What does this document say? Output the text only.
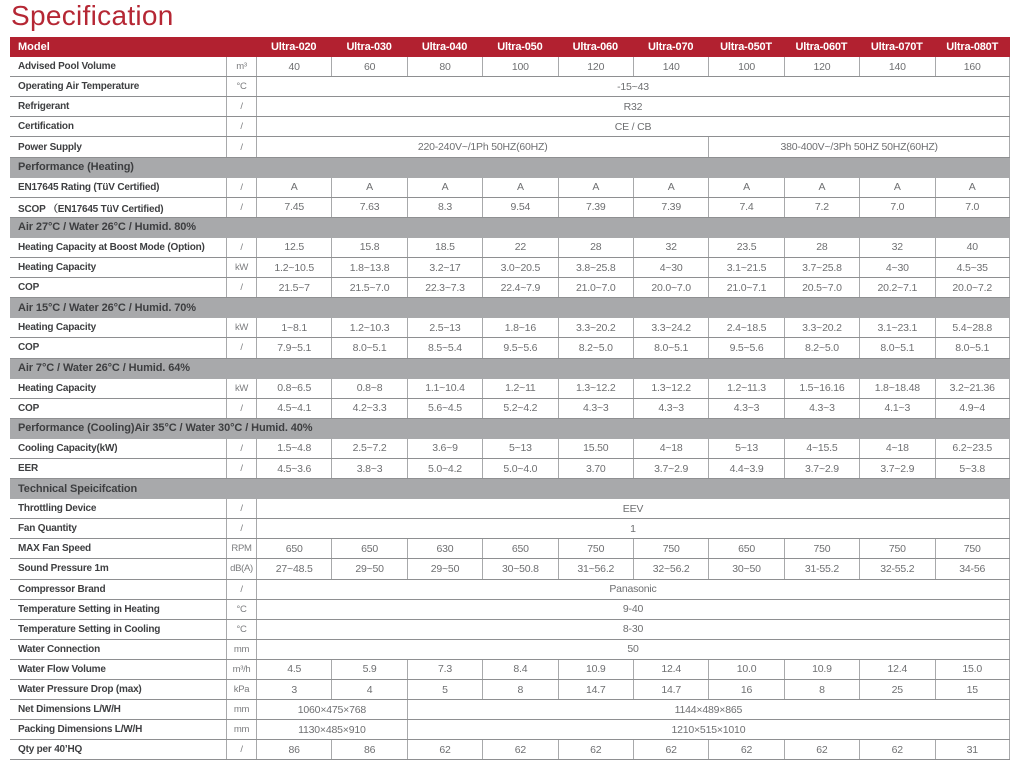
Specification
Model	Ultra-020	Ultra-030	Ultra-040	Ultra-050	Ultra-060	Ultra-070	Ultra-050T	Ultra-060T	Ultra-070T	Ultra-080T
Advised Pool Volume	m³	40	60	80	100	120	140	100	120	140	160
Operating Air Temperature	°C	-15~43
Refrigerant	/	R32
Certification	/	CE / CB
Power Supply	/	220-240V~/1Ph 50HZ(60HZ)	380-400V~/3Ph 50HZ 50HZ(60HZ)
Performance (Heating)
EN17645 Rating (TüV Certified)	/	A	A	A	A	A	A	A	A	A	A
SCOP （EN17645 TüV Certified)	/	7.45	7.63	8.3	9.54	7.39	7.39	7.4	7.2	7.0	7.0
Air 27°C / Water 26°C / Humid. 80%
Heating Capacity at Boost Mode (Option)	/	12.5	15.8	18.5	22	28	32	23.5	28	32	40
Heating Capacity	kW	1.2~10.5	1.8~13.8	3.2~17	3.0~20.5	3.8~25.8	4~30	3.1~21.5	3.7~25.8	4~30	4.5~35
COP	/	21.5~7	21.5~7.0	22.3~7.3	22.4~7.9	21.0~7.0	20.0~7.0	21.0~7.1	20.5~7.0	20.2~7.1	20.0~7.2
Air 15°C / Water 26°C / Humid. 70%
Heating Capacity	kW	1~8.1	1.2~10.3	2.5~13	1.8~16	3.3~20.2	3.3~24.2	2.4~18.5	3.3~20.2	3.1~23.1	5.4~28.8
COP	/	7.9~5.1	8.0~5.1	8.5~5.4	9.5~5.6	8.2~5.0	8.0~5.1	9.5~5.6	8.2~5.0	8.0~5.1	8.0~5.1
Air 7°C / Water 26°C / Humid. 64%
Heating Capacity	kW	0.8~6.5	0.8~8	1.1~10.4	1.2~11	1.3~12.2	1.3~12.2	1.2~11.3	1.5~16.16	1.8~18.48	3.2~21.36
COP	/	4.5~4.1	4.2~3.3	5.6~4.5	5.2~4.2	4.3~3	4.3~3	4.3~3	4.3~3	4.1~3	4.9~4
Performance (Cooling)Air 35°C / Water 30°C / Humid. 40%
Cooling Capacity(kW)	/	1.5~4.8	2.5~7.2	3.6~9	5~13	15.50	4~18	5~13	4~15.5	4~18	6.2~23.5
EER	/	4.5~3.6	3.8~3	5.0~4.2	5.0~4.0	3.70	3.7~2.9	4.4~3.9	3.7~2.9	3.7~2.9	5~3.8
Technical Speicifcation
Throttling Device	/	EEV
Fan Quantity	/	1
MAX Fan Speed	RPM	650	650	630	650	750	750	650	750	750	750
Sound Pressure 1m	dB(A)	27~48.5	29~50	29~50	30~50.8	31~56.2	32~56.2	30~50	31-55.2	32-55.2	34-56
Compressor Brand	/	Panasonic
Temperature Setting in Heating	°C	9-40
Temperature Setting in Cooling	°C	8-30
Water Connection	mm	50
Water Flow Volume	m³/h	4.5	5.9	7.3	8.4	10.9	12.4	10.0	10.9	12.4	15.0
Water Pressure Drop (max)	kPa	3	4	5	8	14.7	14.7	16	8	25	15
Net Dimensions L/W/H	mm	1060×475×768	1144×489×865
Packing Dimensions L/W/H	mm	1130×485×910	1210×515×1010
Qty per 40’HQ	/	86	86	62	62	62	62	62	62	62	31
